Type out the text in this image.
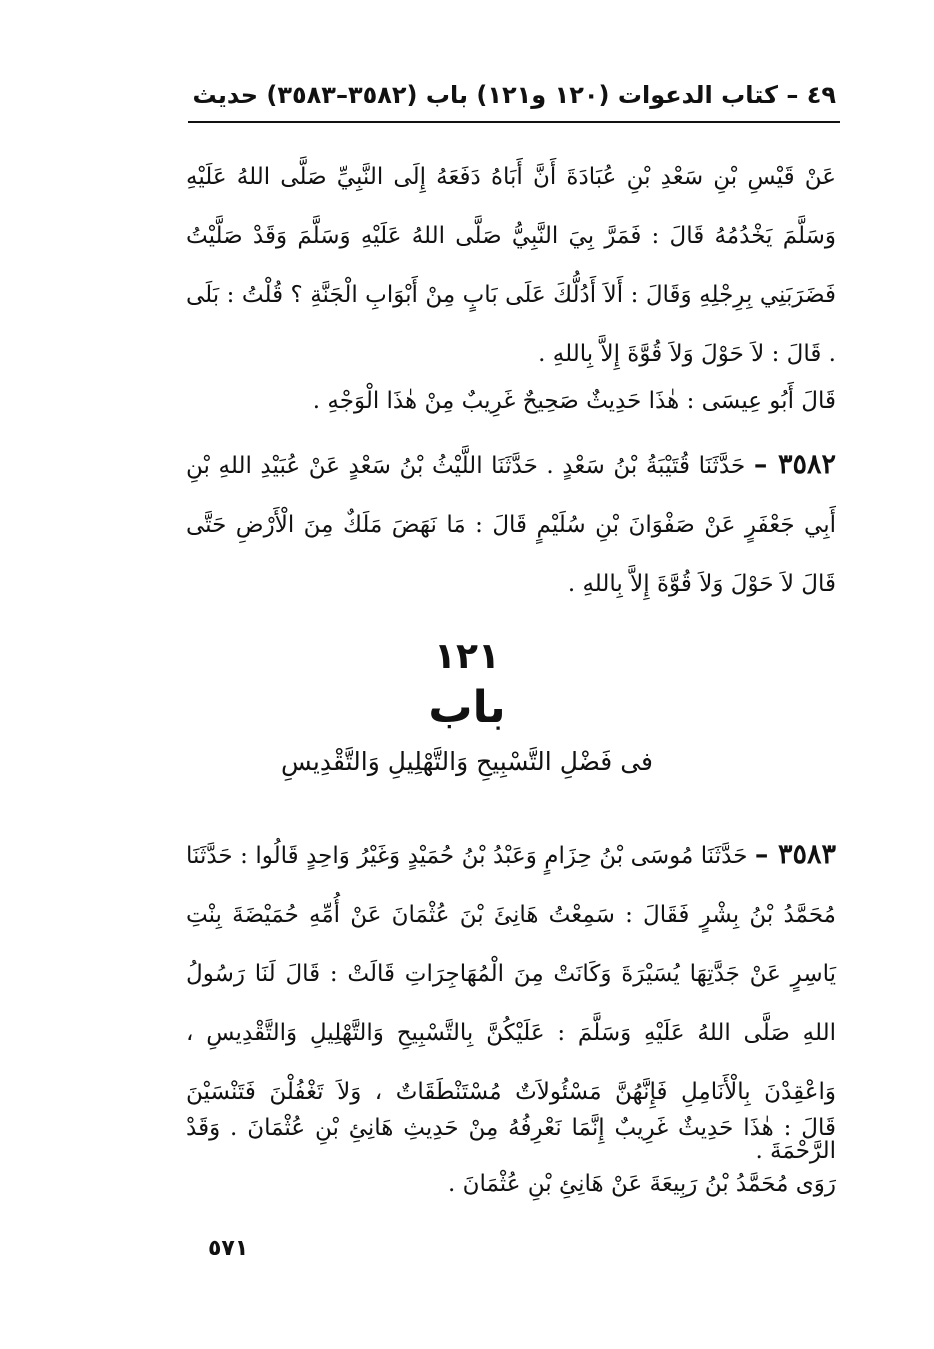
٤٩ – كتاب الدعوات (١٢٠ و١٢١) باب (٣٥٨٢–٣٥٨٣) حديث

عَنْ قَيْسِ بْنِ سَعْدِ بْنِ عُبَادَةَ أَنَّ أَبَاهُ دَفَعَهُ إِلَى النَّبِيِّ صَلَّى اللهُ عَلَيْهِ وَسَلَّمَ يَخْدُمُهُ قَالَ : فَمَرَّ بِيَ النَّبِيُّ صَلَّى اللهُ عَلَيْهِ وَسَلَّمَ وَقَدْ صَلَّيْتُ فَضَرَبَنِي بِرِجْلِهِ وَقَالَ : أَلاَ أَدُلُّكَ عَلَى بَابٍ مِنْ أَبْوَابِ الْجَنَّةِ ؟ قُلْتُ : بَلَى . قَالَ : لاَ حَوْلَ وَلاَ قُوَّةَ إِلاَّ بِاللهِ .

قَالَ أَبُو عِيسَى : هٰذَا حَدِيثٌ صَحِيحٌ غَرِيبٌ مِنْ هٰذَا الْوَجْهِ .

٣٥٨٢ – حَدَّثَنَا قُتَيْبَةُ بْنُ سَعْدٍ . حَدَّثَنَا اللَّيْثُ بْنُ سَعْدٍ عَنْ عُبَيْدِ اللهِ بْنِ أَبِي جَعْفَرٍ عَنْ صَفْوَانَ بْنِ سُلَيْمٍ قَالَ : مَا نَهَضَ مَلَكٌ مِنَ الْأَرْضِ حَتَّى قَالَ لاَ حَوْلَ وَلاَ قُوَّةَ إِلاَّ بِاللهِ .

١٢١
باب
فى فَضْلِ التَّسْبِيحِ وَالتَّهْلِيلِ وَالتَّقْدِيسِ

٣٥٨٣ – حَدَّثَنَا مُوسَى بْنُ حِزَامٍ وَعَبْدُ بْنُ حُمَيْدٍ وَغَيْرُ وَاحِدٍ قَالُوا : حَدَّثَنَا مُحَمَّدُ بْنُ بِشْرٍ فَقَالَ : سَمِعْتُ هَانِئَ بْنَ عُثْمَانَ عَنْ أُمِّهِ حُمَيْضَةَ بِنْتِ يَاسِرٍ عَنْ جَدَّتِهَا يُسَيْرَةَ وَكَانَتْ مِنَ الْمُهَاجِرَاتِ قَالَتْ : قَالَ لَنَا رَسُولُ اللهِ صَلَّى اللهُ عَلَيْهِ وَسَلَّمَ : عَلَيْكُنَّ بِالتَّسْبِيحِ وَالتَّهْلِيلِ وَالتَّقْدِيسِ ، وَاعْقِدْنَ بِالْأَنَامِلِ فَإِنَّهُنَّ مَسْئُولاَتٌ مُسْتَنْطَقَاتٌ ، وَلاَ تَغْفُلْنَ فَتَنْسَيْنَ الرَّحْمَةَ .

قَالَ : هٰذَا حَدِيثٌ غَرِيبٌ إِنَّمَا نَعْرِفُهُ مِنْ حَدِيثِ هَانِئِ بْنِ عُثْمَانَ . وَقَدْ رَوَى مُحَمَّدُ بْنُ رَبِيعَةَ عَنْ هَانِئِ بْنِ عُثْمَانَ .

٥٧١
